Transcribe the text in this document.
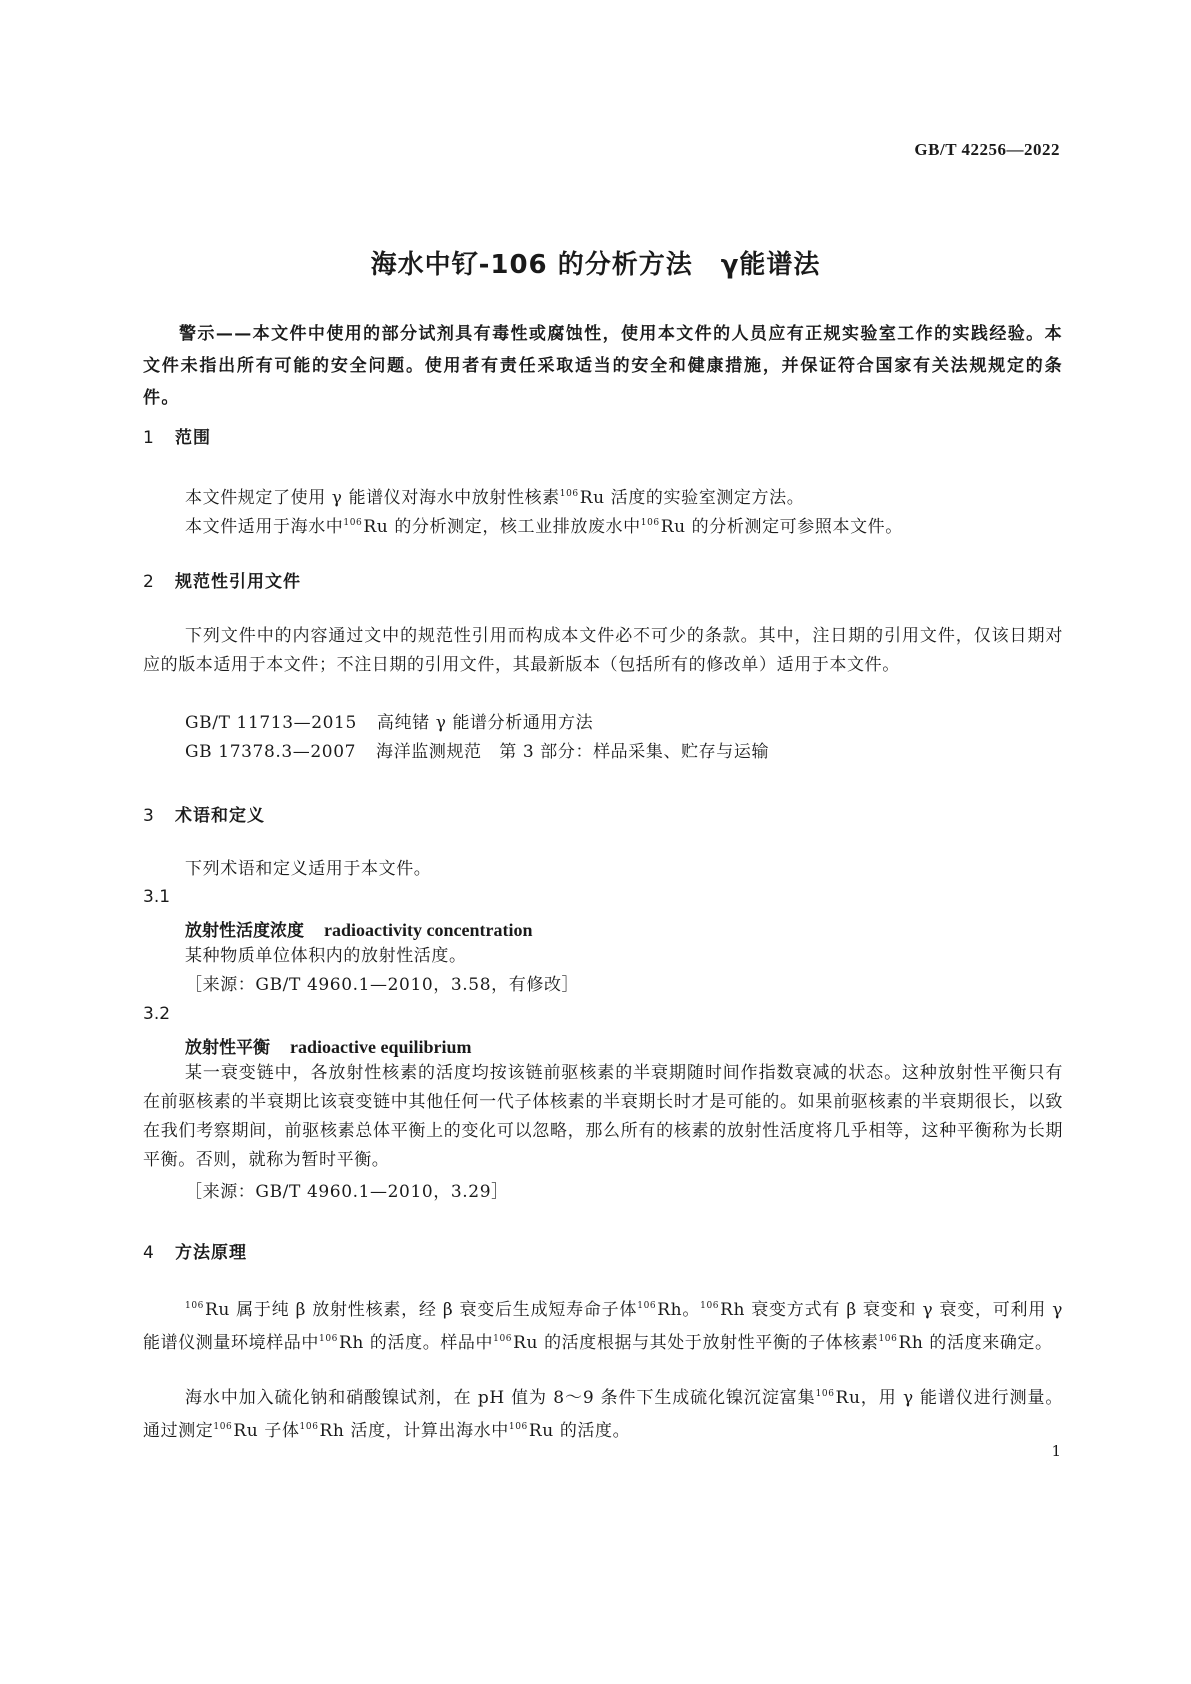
GB/T 42256—2022
海水中钌-106 的分析方法 γ能谱法
警示——本文件中使用的部分试剂具有毒性或腐蚀性，使用本文件的人员应有正规实验室工作的实践经验。本文件未指出所有可能的安全问题。使用者有责任采取适当的安全和健康措施，并保证符合国家有关法规规定的条件。
1 范围
本文件规定了使用 γ 能谱仪对海水中放射性核素$^{106}$Ru 活度的实验室测定方法。
本文件适用于海水中$^{106}$Ru 的分析测定，核工业排放废水中$^{106}$Ru 的分析测定可参照本文件。
2 规范性引用文件
下列文件中的内容通过文中的规范性引用而构成本文件必不可少的条款。其中，注日期的引用文件，仅该日期对应的版本适用于本文件；不注日期的引用文件，其最新版本（包括所有的修改单）适用于本文件。
GB/T 11713—2015 高纯锗 γ 能谱分析通用方法
GB 17378.3—2007 海洋监测规范　第 3 部分：样品采集、贮存与运输
3 术语和定义
下列术语和定义适用于本文件。
3.1
放射性活度浓度 radioactivity concentration
某种物质单位体积内的放射性活度。
［来源：GB/T 4960.1—2010，3.58，有修改］
3.2
放射性平衡 radioactive equilibrium
某一衰变链中，各放射性核素的活度均按该链前驱核素的半衰期随时间作指数衰减的状态。这种放射性平衡只有在前驱核素的半衰期比该衰变链中其他任何一代子体核素的半衰期长时才是可能的。如果前驱核素的半衰期很长，以致在我们考察期间，前驱核素总体平衡上的变化可以忽略，那么所有的核素的放射性活度将几乎相等，这种平衡称为长期平衡。否则，就称为暂时平衡。
［来源：GB/T 4960.1—2010，3.29］
4 方法原理
$^{106}$Ru 属于纯 β 放射性核素，经 β 衰变后生成短寿命子体$^{106}$Rh。$^{106}$Rh 衰变方式有 β 衰变和 γ 衰变，可利用 γ 能谱仪测量环境样品中$^{106}$Rh 的活度。样品中$^{106}$Ru 的活度根据与其处于放射性平衡的子体核素$^{106}$Rh 的活度来确定。
海水中加入硫化钠和硝酸镍试剂，在 pH 值为 8～9 条件下生成硫化镍沉淀富集$^{106}$Ru，用 γ 能谱仪进行测量。通过测定$^{106}$Ru 子体$^{106}$Rh 活度，计算出海水中$^{106}$Ru 的活度。
1
